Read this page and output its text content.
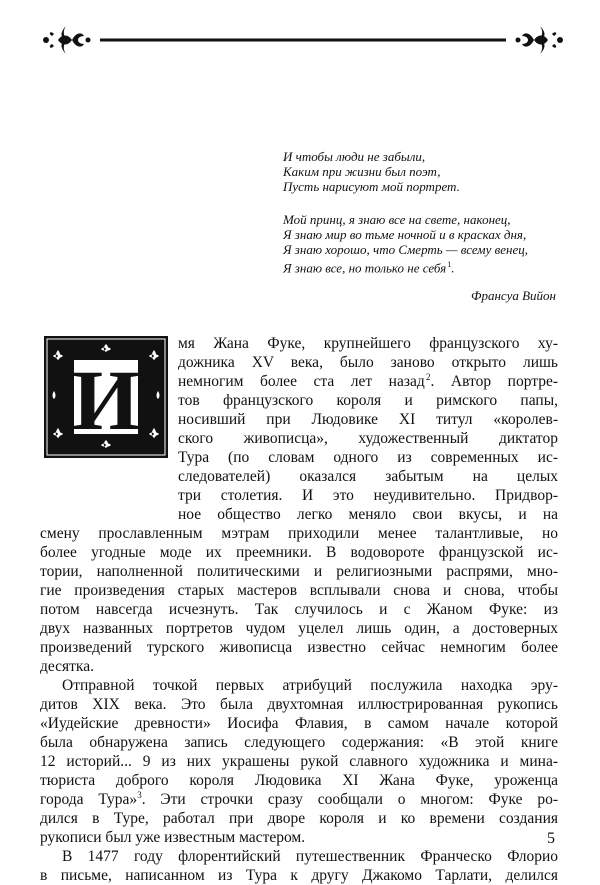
И чтобы люди не забыли,
Каким при жизни был поэт,
Пусть нарисуют мой портрет.
Мой принц, я знаю все на свете, наконец,
Я знаю мир во тьме ночной и в красках дня,
Я знаю хорошо, что Смерть — всему венец,
Я знаю все, но только не себя $^1$.
Франсуа Вийон
И
мя Жана Фуке, крупнейшего французского ху-
дожника XV века, было заново открыто лишь
немногим более ста лет назад $^2$. Автор портре-
тов французского короля и римского папы,
носивший при Людовике XI титул «королев-
ского живописца», художественный диктатор
Тура (по словам одного из современных ис-
следователей) оказался забытым на целых
три столетия. И это неудивительно. Придвор-
ное общество легко меняло свои вкусы, и на
смену прославленным мэтрам приходили менее талантливые, но
более угодные моде их преемники. В водовороте французской ис-
тории, наполненной политическими и религиозными распрями, мно-
гие произведения старых мастеров всплывали снова и снова, чтобы
потом навсегда исчезнуть. Так случилось и с Жаном Фуке: из
двух названных портретов чудом уцелел лишь один, а достоверных
произведений турского живописца известно сейчас немногим более
десятка.
Отправной точкой первых атрибуций послужила находка эру-
дитов XIX века. Это была двухтомная иллюстрированная рукопись
«Иудейские древности» Иосифа Флавия, в самом начале которой
была обнаружена запись следующего содержания: «В этой книге
12 историй... 9 из них украшены рукой славного художника и мина-
тюриста доброго короля Людовика XI Жана Фуке, уроженца
города Тура»$^3$. Эти строчки сразу сообщали о многом: Фуке ро-
дился в Туре, работал при дворе короля и ко времени создания
рукописи был уже известным мастером.
В 1477 году флорентийский путешественник Франческо Флорио
в письме, написанном из Тура к другу Джакомо Тарлати, делился
5
